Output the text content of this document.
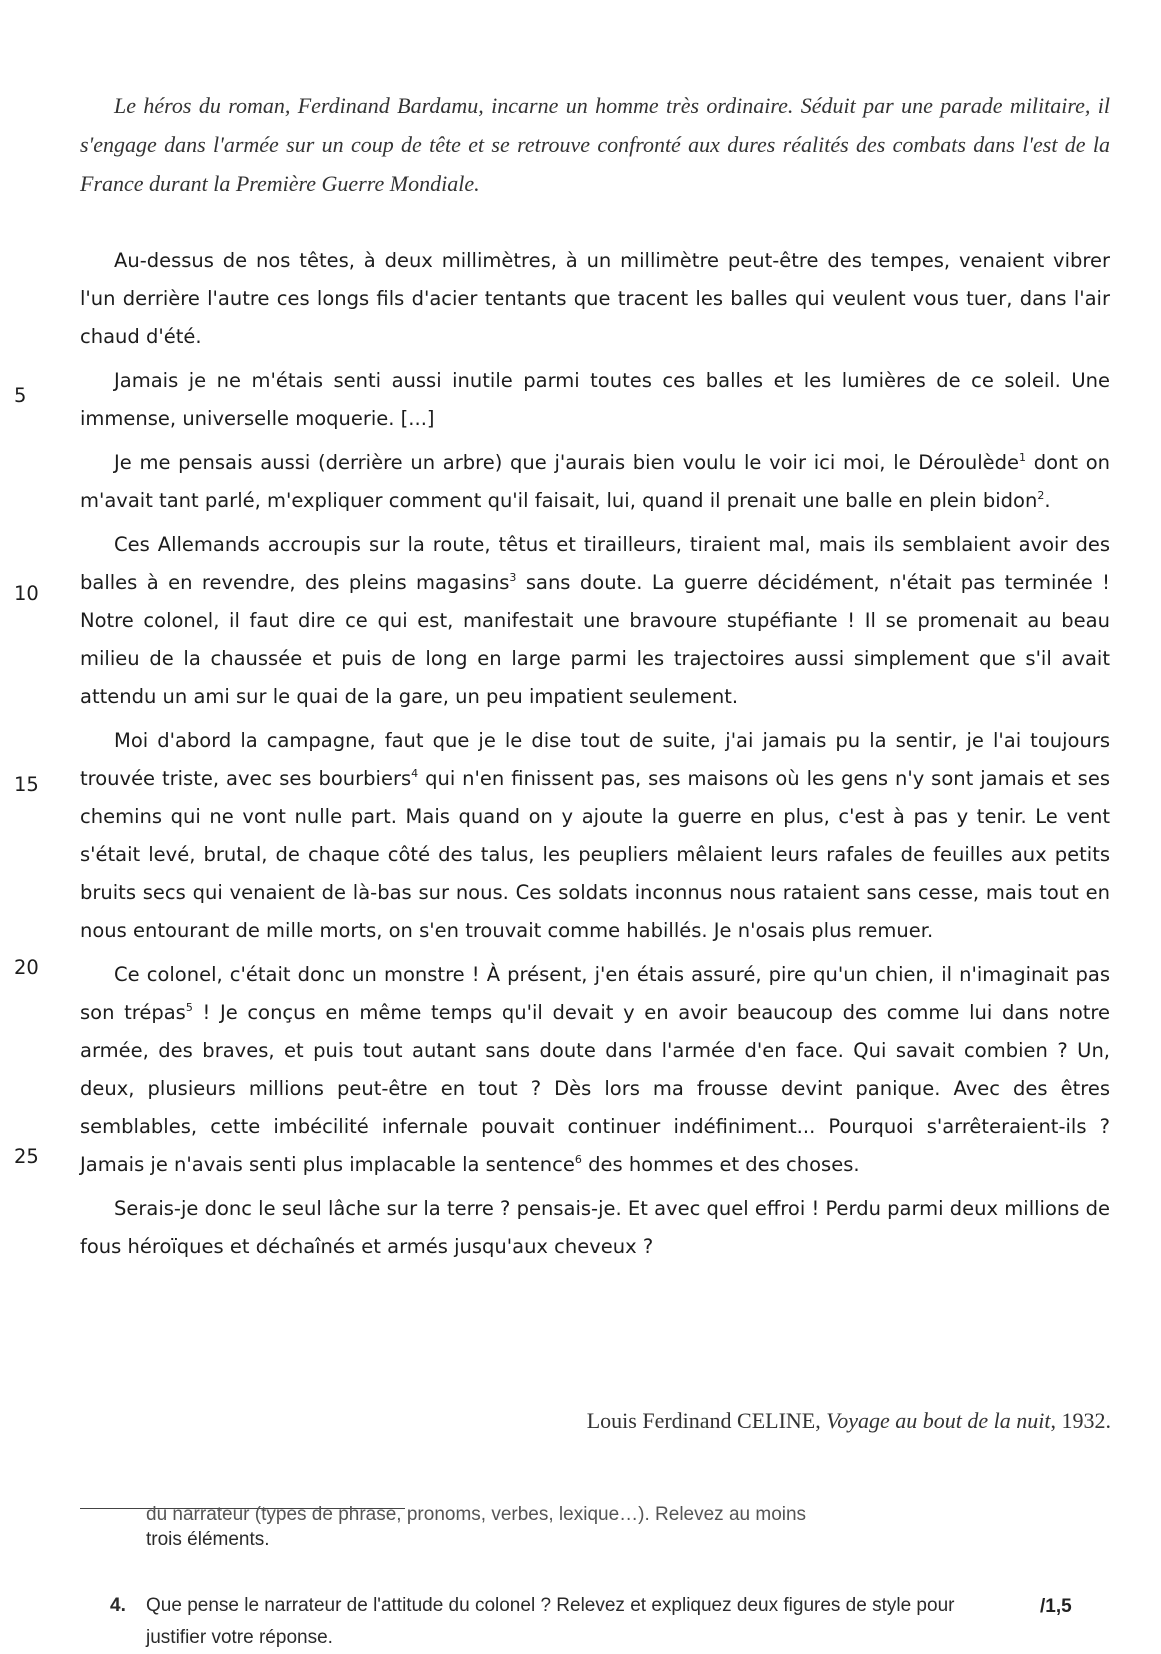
Le héros du roman, Ferdinand Bardamu, incarne un homme très ordinaire. Séduit par une parade militaire, il s'engage dans l'armée sur un coup de tête et se retrouve confronté aux dures réalités des combats dans l'est de la France durant la Première Guerre Mondiale.

Au-dessus de nos têtes, à deux millimètres, à un millimètre peut-être des tempes, venaient vibrer l'un derrière l'autre ces longs fils d'acier tentants que tracent les balles qui veulent vous tuer, dans l'air chaud d'été.

Jamais je ne m'étais senti aussi inutile parmi toutes ces balles et les lumières de ce soleil. Une immense, universelle moquerie. [...]

Je me pensais aussi (derrière un arbre) que j'aurais bien voulu le voir ici moi, le Déroulède$^1$ dont on m'avait tant parlé, m'expliquer comment qu'il faisait, lui, quand il prenait une balle en plein bidon$^2$.

Ces Allemands accroupis sur la route, têtus et tirailleurs, tiraient mal, mais ils semblaient avoir des balles à en revendre, des pleins magasins$^3$ sans doute. La guerre décidément, n'était pas terminée ! Notre colonel, il faut dire ce qui est, manifestait une bravoure stupéfiante ! Il se promenait au beau milieu de la chaussée et puis de long en large parmi les trajectoires aussi simplement que s'il avait attendu un ami sur le quai de la gare, un peu impatient seulement.

Moi d'abord la campagne, faut que je le dise tout de suite, j'ai jamais pu la sentir, je l'ai toujours trouvée triste, avec ses bourbiers$^4$ qui n'en finissent pas, ses maisons où les gens n'y sont jamais et ses chemins qui ne vont nulle part. Mais quand on y ajoute la guerre en plus, c'est à pas y tenir. Le vent s'était levé, brutal, de chaque côté des talus, les peupliers mêlaient leurs rafales de feuilles aux petits bruits secs qui venaient de là-bas sur nous. Ces soldats inconnus nous rataient sans cesse, mais tout en nous entourant de mille morts, on s'en trouvait comme habillés. Je n'osais plus remuer.

Ce colonel, c'était donc un monstre ! À présent, j'en étais assuré, pire qu'un chien, il n'imaginait pas son trépas$^5$ ! Je conçus en même temps qu'il devait y en avoir beaucoup des comme lui dans notre armée, des braves, et puis tout autant sans doute dans l'armée d'en face. Qui savait combien ? Un, deux, plusieurs millions peut-être en tout ? Dès lors ma frousse devint panique. Avec des êtres semblables, cette imbécilité infernale pouvait continuer indéfiniment... Pourquoi s'arrêteraient-ils ? Jamais je n'avais senti plus implacable la sentence$^6$ des hommes et des choses.

Serais-je donc le seul lâche sur la terre ? pensais-je. Et avec quel effroi ! Perdu parmi deux millions de fous héroïques et déchaînés et armés jusqu'aux cheveux ?

5
10
15
20
25
Louis Ferdinand CELINE, Voyage au bout de la nuit, 1932.

du narrateur (types de phrase, pronoms, verbes, lexique…). Relevez au moins
trois éléments.

4.	Que pense le narrateur de l'attitude du colonel ? Relevez et expliquez deux figures de style pour justifier votre réponse.
/1,5
